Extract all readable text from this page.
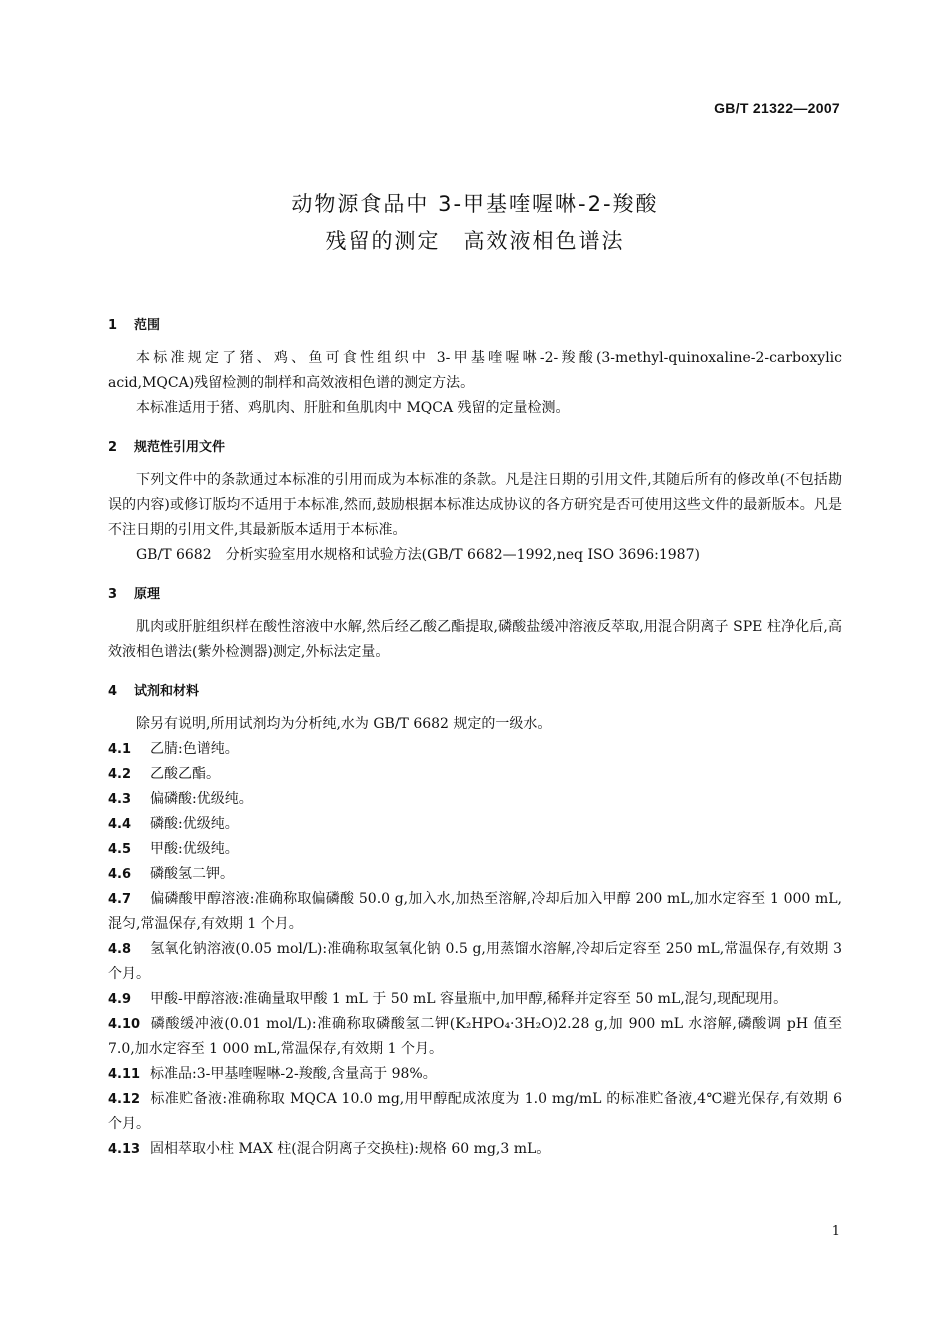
GB/T 21322—2007
动物源食品中 3-甲基喹喔啉-2-羧酸
残留的测定　高效液相色谱法
1	范围

本标准规定了猪、鸡、鱼可食性组织中 3-甲基喹喔啉-2-羧酸(3-methyl-quinoxaline-2-carboxylic acid,MQCA)残留检测的制样和高效液相色谱的测定方法。

本标准适用于猪、鸡肌肉、肝脏和鱼肌肉中 MQCA 残留的定量检测。

2	规范性引用文件

下列文件中的条款通过本标准的引用而成为本标准的条款。凡是注日期的引用文件,其随后所有的修改单(不包括勘误的内容)或修订版均不适用于本标准,然而,鼓励根据本标准达成协议的各方研究是否可使用这些文件的最新版本。凡是不注日期的引用文件,其最新版本适用于本标准。

GB/T 6682　分析实验室用水规格和试验方法(GB/T 6682—1992,neq ISO 3696:1987)

3	原理

肌肉或肝脏组织样在酸性溶液中水解,然后经乙酸乙酯提取,磷酸盐缓冲溶液反萃取,用混合阴离子 SPE 柱净化后,高效液相色谱法(紫外检测器)测定,外标法定量。

4	试剂和材料

除另有说明,所用试剂均为分析纯,水为 GB/T 6682 规定的一级水。

4.1 乙腈:色谱纯。

4.2 乙酸乙酯。

4.3 偏磷酸:优级纯。

4.4 磷酸:优级纯。

4.5 甲酸:优级纯。

4.6 磷酸氢二钾。

4.7 偏磷酸甲醇溶液:准确称取偏磷酸 50.0 g,加入水,加热至溶解,冷却后加入甲醇 200 mL,加水定容至 1 000 mL,混匀,常温保存,有效期 1 个月。

4.8 氢氧化钠溶液(0.05 mol/L):准确称取氢氧化钠 0.5 g,用蒸馏水溶解,冷却后定容至 250 mL,常温保存,有效期 3 个月。

4.9 甲酸-甲醇溶液:准确量取甲酸 1 mL 于 50 mL 容量瓶中,加甲醇,稀释并定容至 50 mL,混匀,现配现用。

4.10 磷酸缓冲液(0.01 mol/L):准确称取磷酸氢二钾(K₂HPO₄·3H₂O)2.28 g,加 900 mL 水溶解,磷酸调 pH 值至 7.0,加水定容至 1 000 mL,常温保存,有效期 1 个月。

4.11 标准品:3-甲基喹喔啉-2-羧酸,含量高于 98%。

4.12 标准贮备液:准确称取 MQCA 10.0 mg,用甲醇配成浓度为 1.0 mg/mL 的标准贮备液,4℃避光保存,有效期 6 个月。

4.13 固相萃取小柱 MAX 柱(混合阴离子交换柱):规格 60 mg,3 mL。

1
